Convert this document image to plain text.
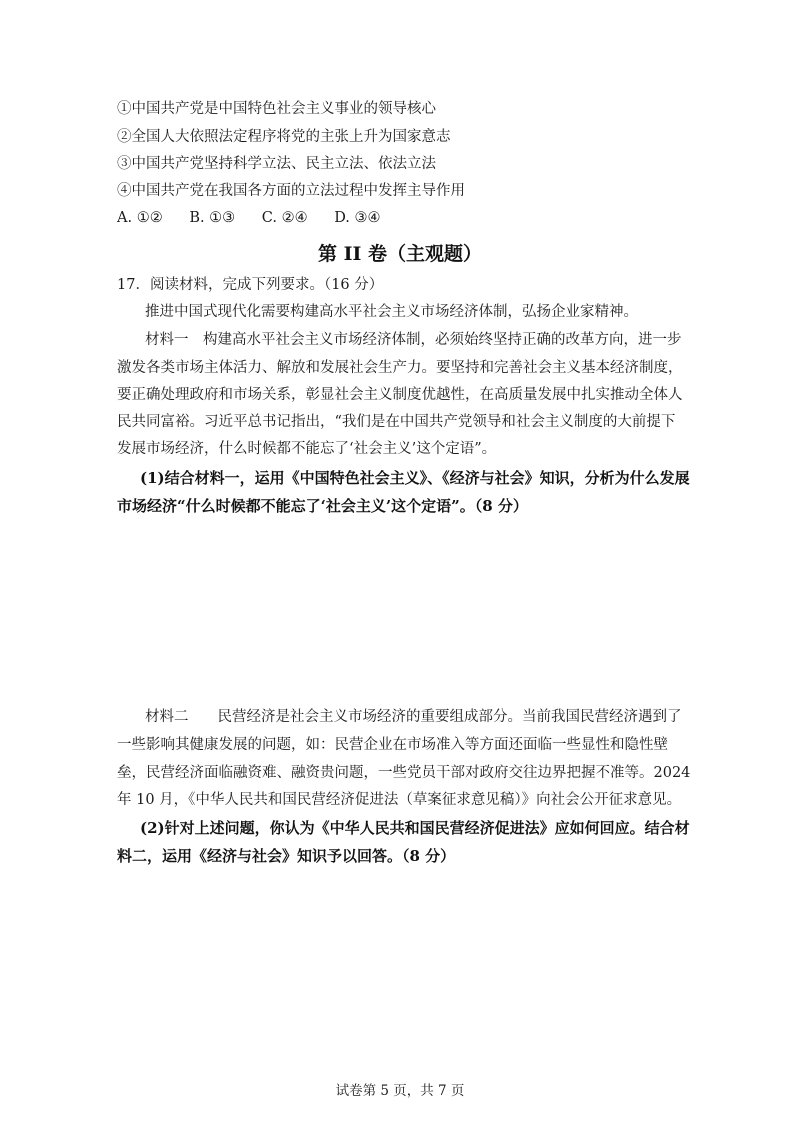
①中国共产党是中国特色社会主义事业的领导核心
②全国人大依照法定程序将党的主张上升为国家意志
③中国共产党坚持科学立法、民主立法、依法立法
④中国共产党在我国各方面的立法过程中发挥主导作用
A. ①② B. ①③ C. ②④ D. ③④
第 II 卷（主观题）
17．阅读材料，完成下列要求。（16 分）
推进中国式现代化需要构建高水平社会主义市场经济体制，弘扬企业家精神。
材料一　构建高水平社会主义市场经济体制，必须始终坚持正确的改革方向，进一步
激发各类市场主体活力、解放和发展社会生产力。要坚持和完善社会主义基本经济制度，
要正确处理政府和市场关系，彰显社会主义制度优越性，在高质量发展中扎实推动全体人
民共同富裕。习近平总书记指出，“我们是在中国共产党领导和社会主义制度的大前提下
发展市场经济，什么时候都不能忘了‘社会主义’这个定语”。
(1)结合材料一，运用《中国特色社会主义》、《经济与社会》知识，分析为什么发展
市场经济“什么时候都不能忘了‘社会主义’这个定语”。（8 分）
材料二　　民营经济是社会主义市场经济的重要组成部分。当前我国民营经济遇到了
一些影响其健康发展的问题，如：民营企业在市场准入等方面还面临一些显性和隐性壁
垒，民营经济面临融资难、融资贵问题，一些党员干部对政府交往边界把握不准等。2024
年 10 月，《中华人民共和国民营经济促进法（草案征求意见稿）》向社会公开征求意见。
(2)针对上述问题，你认为《中华人民共和国民营经济促进法》应如何回应。结合材
料二，运用《经济与社会》知识予以回答。（8 分）
试卷第 5 页，共 7 页
